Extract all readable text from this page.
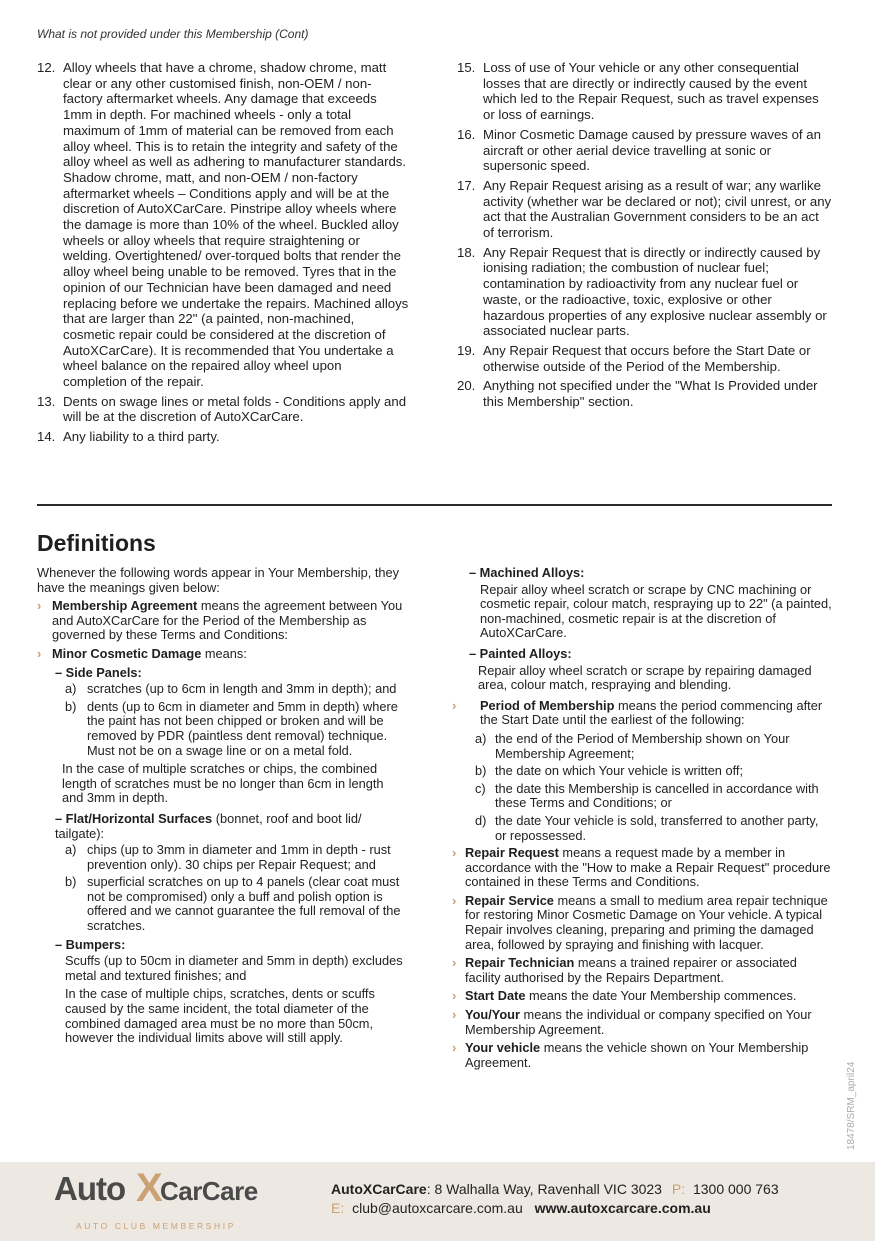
What is not provided under this Membership (Cont)
12. Alloy wheels that have a chrome, shadow chrome, matt clear or any other customised finish, non-OEM / non-factory aftermarket wheels. Any damage that exceeds 1mm in depth. For machined wheels - only a total maximum of 1mm of material can be removed from each alloy wheel. This is to retain the integrity and safety of the alloy wheel as well as adhering to manufacturer standards. Shadow chrome, matt, and non-OEM / non-factory aftermarket wheels – Conditions apply and will be at the discretion of AutoXCarCare. Pinstripe alloy wheels where the damage is more than 10% of the wheel. Buckled alloy wheels or alloy wheels that require straightening or welding. Overtightened/ over-torqued bolts that render the alloy wheel being unable to be removed. Tyres that in the opinion of our Technician have been damaged and need replacing before we undertake the repairs. Machined alloys that are larger than 22" (a painted, non-machined, cosmetic repair could be considered at the discretion of AutoXCarCare). It is recommended that You undertake a wheel balance on the repaired alloy wheel upon completion of the repair.
13. Dents on swage lines or metal folds - Conditions apply and will be at the discretion of AutoXCarCare.
14. Any liability to a third party.
15. Loss of use of Your vehicle or any other consequential losses that are directly or indirectly caused by the event which led to the Repair Request, such as travel expenses or loss of earnings.
16. Minor Cosmetic Damage caused by pressure waves of an aircraft or other aerial device travelling at sonic or supersonic speed.
17. Any Repair Request arising as a result of war; any warlike activity (whether war be declared or not); civil unrest, or any act that the Australian Government considers to be an act of terrorism.
18. Any Repair Request that is directly or indirectly caused by ionising radiation; the combustion of nuclear fuel; contamination by radioactivity from any nuclear fuel or waste, or the radioactive, toxic, explosive or other hazardous properties of any explosive nuclear assembly or associated nuclear parts.
19. Any Repair Request that occurs before the Start Date or otherwise outside of the Period of the Membership.
20. Anything not specified under the "What Is Provided under this Membership" section.
Definitions

Whenever the following words appear in Your Membership, they have the meanings given below:

› Membership Agreement means the agreement between You and AutoXCarCare for the Period of the Membership as governed by these Terms and Conditions:
› Minor Cosmetic Damage means:
– Side Panels:
a) scratches (up to 6cm in length and 3mm in depth); and
b) dents (up to 6cm in diameter and 5mm in depth) where the paint has not been chipped or broken and will be removed by PDR (paintless dent removal) technique. Must not be on a swage line or on a metal fold.

In the case of multiple scratches or chips, the combined length of scratches must be no longer than 6cm in length and 3mm in depth.

– Flat/Horizontal Surfaces (bonnet, roof and boot lid/ tailgate):
a) chips (up to 3mm in diameter and 1mm in depth - rust prevention only). 30 chips per Repair Request; and
b) superficial scratches on up to 4 panels (clear coat must not be compromised) only a buff and polish option is offered and we cannot guarantee the full removal of the scratches.
– Bumpers:

Scuffs (up to 50cm in diameter and 5mm in depth) excludes metal and textured finishes; and

In the case of multiple chips, scratches, dents or scuffs caused by the same incident, the total diameter of the combined damaged area must be no more than 50cm, however the individual limits above will still apply.

– Machined Alloys:

Repair alloy wheel scratch or scrape by CNC machining or cosmetic repair, colour match, respraying up to 22" (a painted, non-machined, cosmetic repair is at the discretion of AutoXCarCare.

– Painted Alloys:

Repair alloy wheel scratch or scrape by repairing damaged area, colour match, respraying and blending.

› Period of Membership means the period commencing after the Start Date until the earliest of the following:
a) the end of the Period of Membership shown on Your Membership Agreement;
b) the date on which Your vehicle is written off;
c) the date this Membership is cancelled in accordance with these Terms and Conditions; or
d) the date Your vehicle is sold, transferred to another party, or repossessed.
› Repair Request means a request made by a member in accordance with the "How to make a Repair Request" procedure contained in these Terms and Conditions.
› Repair Service means a small to medium area repair technique for restoring Minor Cosmetic Damage on Your vehicle. A typical Repair involves cleaning, preparing and priming the damaged area, followed by spraying and finishing with lacquer.
› Repair Technician means a trained repairer or associated facility authorised by the Repairs Department.
› Start Date means the date Your Membership commences.
› You/Your means the individual or company specified on Your Membership Agreement.
› Your vehicle means the vehicle shown on Your Membership Agreement.	18478/SRM_april24
Auto X
CarCare
AUTO CLUB MEMBERSHIP
AutoXCarCare: 8 Walhalla Way, Ravenhall VIC 3023 P: 1300 000 763
E: club@autoxcarcare.com.au www.autoxcarcare.com.au
